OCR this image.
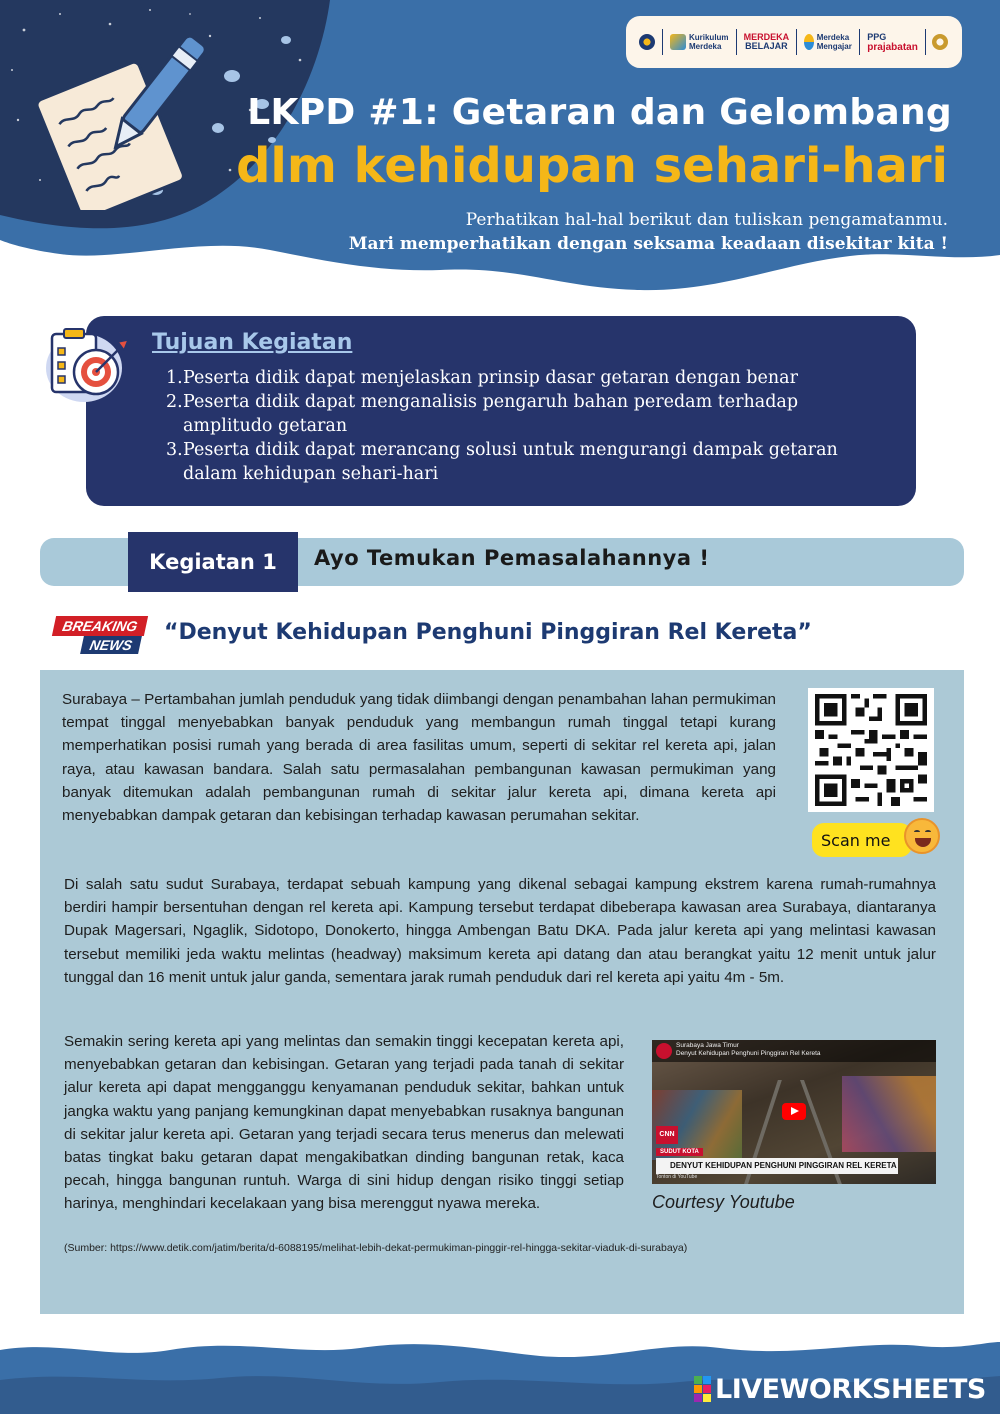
Kurikulum Merdeka
MERDEKA
BELAJAR
Merdeka Mengajar
PPG
prajabatan
LKPD #1: Getaran dan Gelombang
dlm kehidupan sehari-hari
Perhatikan hal-hal berikut dan tuliskan pengamatanmu.
Mari memperhatikan dengan seksama keadaan disekitar kita !
Tujuan Kegiatan
1. Peserta didik dapat menjelaskan prinsip dasar getaran dengan benar
2. Peserta didik dapat menganalisis pengaruh bahan peredam terhadap amplitudo getaran
3. Peserta didik dapat merancang solusi untuk mengurangi dampak getaran dalam kehidupan sehari-hari
Kegiatan 1	Ayo Temukan Pemasalahannya !
BREAKING
NEWS	“Denyut Kehidupan Penghuni Pinggiran Rel Kereta”

Surabaya – Pertambahan jumlah penduduk yang tidak diimbangi dengan penambahan lahan permukiman tempat tinggal menyebabkan banyak penduduk yang membangun rumah tinggal tetapi kurang memperhatikan posisi rumah yang berada di area fasilitas umum, seperti di sekitar rel kereta api, jalan raya, atau kawasan bandara. Salah satu permasalahan pembangunan kawasan permukiman yang banyak ditemukan adalah pembangunan rumah di sekitar jalur kereta api, dimana kereta api menyebabkan dampak getaran dan kebisingan terhadap kawasan perumahan sekitar.

Scan me

Di salah satu sudut Surabaya, terdapat sebuah kampung yang dikenal sebagai kampung ekstrem karena rumah-rumahnya berdiri hampir bersentuhan dengan rel kereta api. Kampung tersebut terdapat dibeberapa kawasan area Surabaya, diantaranya Dupak Magersari, Ngaglik, Sidotopo, Donokerto, hingga Ambengan Batu DKA. Pada jalur kereta api yang melintasi kawasan tersebut memiliki jeda waktu melintas (headway) maksimum kereta api datang dan atau berangkat yaitu 12 menit untuk jalur tunggal dan 16 menit untuk jalur ganda, sementara jarak rumah penduduk dari rel kereta api yaitu 4m - 5m.

Semakin sering kereta api yang melintas dan semakin tinggi kecepatan kereta api, menyebabkan getaran dan kebisingan. Getaran yang terjadi pada tanah di sekitar jalur kereta api dapat mengganggu kenyamanan penduduk sekitar, bahkan untuk jangka waktu yang panjang kemungkinan dapat menyebabkan rusaknya bangunan di sekitar jalur kereta api. Getaran yang terjadi secara terus menerus dan melewati batas tingkat baku getaran dapat mengakibatkan dinding bangunan retak, kaca pecah, hingga bangunan runtuh. Warga di sini hidup dengan risiko tinggi setiap harinya, menghindari kecelakaan yang bisa merenggut nyawa mereka.

Surabaya Jawa Timur
Denyut Kehidupan Penghuni Pinggiran Rel Kereta
CNN
SUDUT KOTA
DENYUT KEHIDUPAN PENGHUNI PINGGIRAN REL KERETA
Tonton di YouTube
Courtesy Youtube
(Sumber: https://www.detik.com/jatim/berita/d-6088195/melihat-lebih-dekat-permukiman-pinggir-rel-hingga-sekitar-viaduk-di-surabaya)
LIVEWORKSHEETS
